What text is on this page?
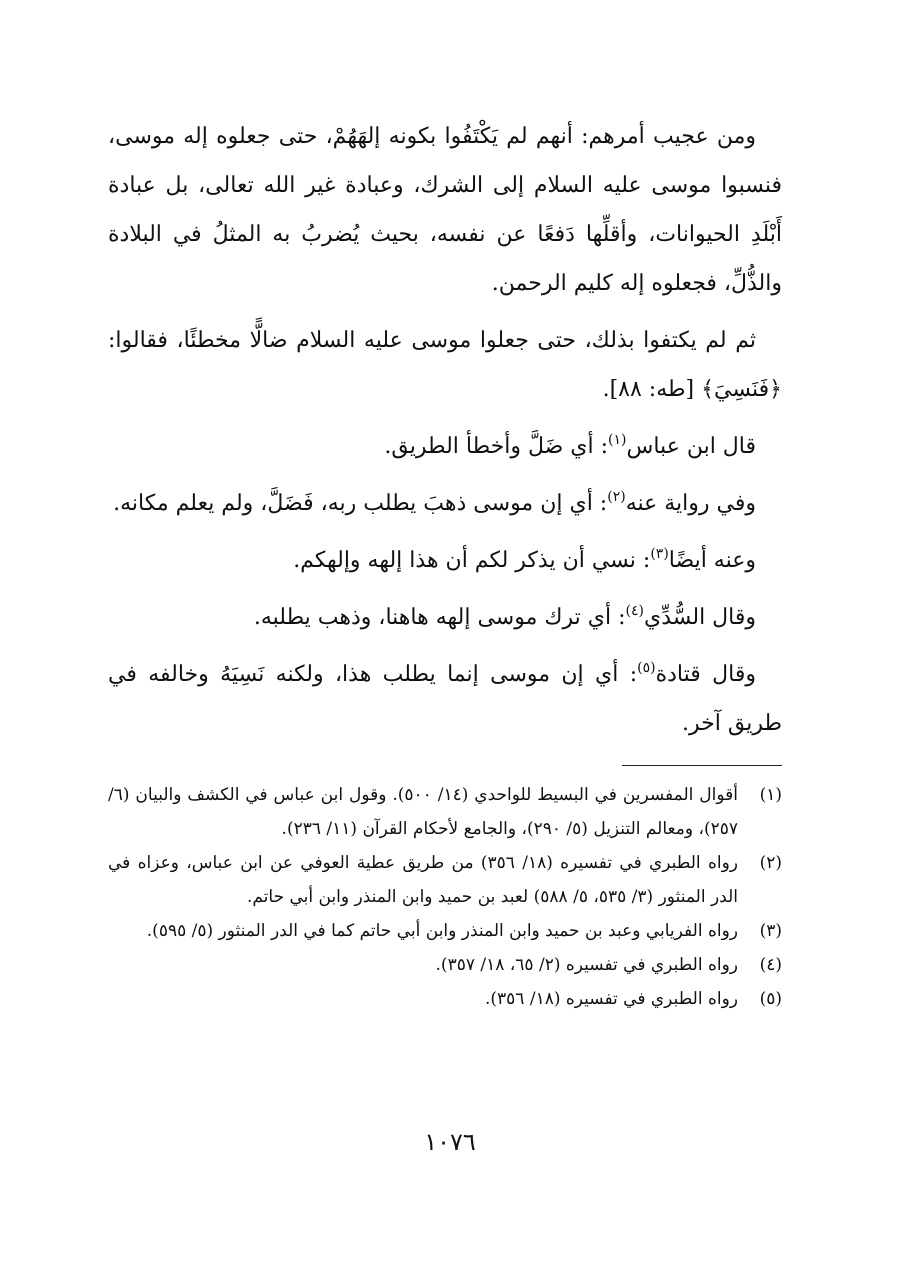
ومن عجيب أمرهم: أنهم لم يَكْتَفُوا بكونه إلهَهُمْ، حتى جعلوه إله موسى، فنسبوا موسى عليه السلام إلى الشرك، وعبادة غير الله تعالى، بل عبادة أَبْلَدِ الحيوانات، وأقلِّها دَفعًا عن نفسه، بحيث يُضربُ به المثلُ في البلادة والذُّلِّ، فجعلوه إله كليم الرحمن.

ثم لم يكتفوا بذلك، حتى جعلوا موسى عليه السلام ضالًّا مخطئًا، فقالوا: ﴿فَنَسِيَ﴾ [طه: ٨٨].

قال ابن عباس$^{(١)}$: أي ضَلَّ وأخطأ الطريق.

وفي رواية عنه$^{(٢)}$: أي إن موسى ذهبَ يطلب ربه، فَضَلَّ، ولم يعلم مكانه.

وعنه أيضًا$^{(٣)}$: نسي أن يذكر لكم أن هذا إلهه وإلهكم.

وقال السُّدِّي$^{(٤)}$: أي ترك موسى إلهه هاهنا، وذهب يطلبه.

وقال قتادة$^{(٥)}$: أي إن موسى إنما يطلب هذا، ولكنه نَسِيَهُ وخالفه في طريق آخر.

(١)
أقوال المفسرين في البسيط للواحدي (١٤/ ٥٠٠). وقول ابن عباس في الكشف والبيان (٦/ ٢٥٧)، ومعالم التنزيل (٥/ ٢٩٠)، والجامع لأحكام القرآن (١١/ ٢٣٦).
(٢)
رواه الطبري في تفسيره (١٨/ ٣٥٦) من طريق عطية العوفي عن ابن عباس، وعزاه في الدر المنثور (٣/ ٥٣٥، ٥/ ٥٨٨) لعبد بن حميد وابن المنذر وابن أبي حاتم.
(٣)
رواه الفريابي وعبد بن حميد وابن المنذر وابن أبي حاتم كما في الدر المنثور (٥/ ٥٩٥).
(٤)
رواه الطبري في تفسيره (٢/ ٦٥، ١٨/ ٣٥٧).
(٥)
رواه الطبري في تفسيره (١٨/ ٣٥٦).
١٠٧٦
